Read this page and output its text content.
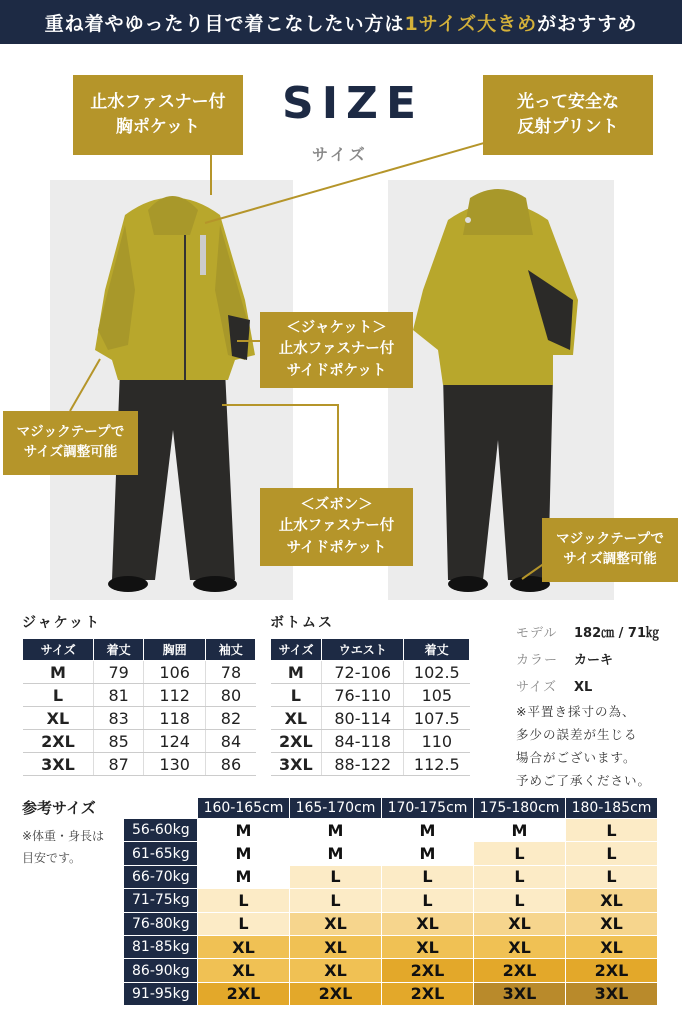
重ね着やゆったり目で着こなしたい方は 1サイズ大きめ がおすすめ
SIZE
サイズ
止水ファスナー付
胸ポケット
光って安全な
反射プリント
＜ジャケット＞
止水ファスナー付
サイドポケット
マジックテープで
サイズ調整可能
＜ズボン＞
止水ファスナー付
サイドポケット
マジックテープで
サイズ調整可能
ジャケット
サイズ	着丈	胸囲	袖丈
M	79	106	78
L	81	112	80
XL	83	118	82
2XL	85	124	84
3XL	87	130	86
ボトムス
サイズ	ウエスト	着丈
M	72-106	102.5
L	76-110	105
XL	80-114	107.5
2XL	84-118	110
3XL	88-122	112.5
モデル 182㎝ / 71㎏
カラー カーキ
サイズ XL
※平置き採寸の為、
多少の誤差が生じる
場合がございます。
予めご了承ください。
参考サイズ
※体重・身長は
目安です。
	160-165cm	165-170cm	170-175cm	175-180cm	180-185cm
56-60kg	M	M	M	M	L
61-65kg	M	M	M	L	L
66-70kg	M	L	L	L	L
71-75kg	L	L	L	L	XL
76-80kg	L	XL	XL	XL	XL
81-85kg	XL	XL	XL	XL	XL
86-90kg	XL	XL	2XL	2XL	2XL
91-95kg	2XL	2XL	2XL	3XL	3XL
